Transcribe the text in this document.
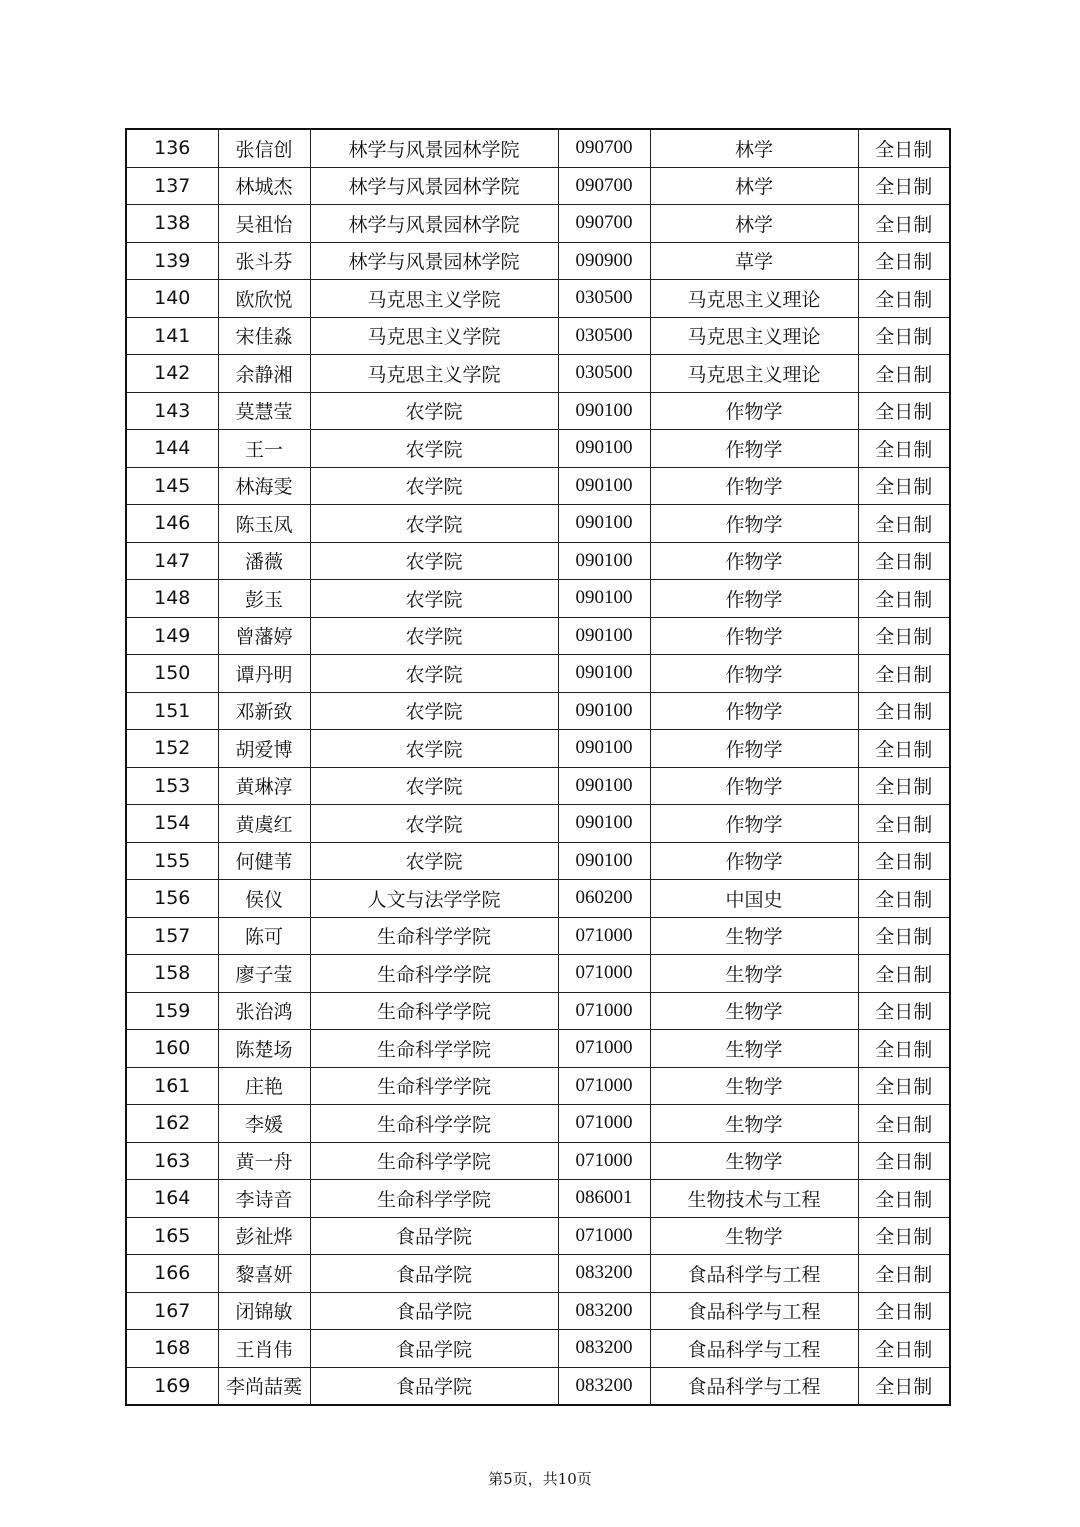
136	张信创	林学与风景园林学院	090700	林学	全日制
137	林城杰	林学与风景园林学院	090700	林学	全日制
138	吴祖怡	林学与风景园林学院	090700	林学	全日制
139	张斗芬	林学与风景园林学院	090900	草学	全日制
140	欧欣悦	马克思主义学院	030500	马克思主义理论	全日制
141	宋佳淼	马克思主义学院	030500	马克思主义理论	全日制
142	余静湘	马克思主义学院	030500	马克思主义理论	全日制
143	莫慧莹	农学院	090100	作物学	全日制
144	王一	农学院	090100	作物学	全日制
145	林海雯	农学院	090100	作物学	全日制
146	陈玉凤	农学院	090100	作物学	全日制
147	潘薇	农学院	090100	作物学	全日制
148	彭玉	农学院	090100	作物学	全日制
149	曾藩婷	农学院	090100	作物学	全日制
150	谭丹明	农学院	090100	作物学	全日制
151	邓新致	农学院	090100	作物学	全日制
152	胡爱博	农学院	090100	作物学	全日制
153	黄琳淳	农学院	090100	作物学	全日制
154	黄虞红	农学院	090100	作物学	全日制
155	何健苇	农学院	090100	作物学	全日制
156	侯仪	人文与法学学院	060200	中国史	全日制
157	陈可	生命科学学院	071000	生物学	全日制
158	廖子莹	生命科学学院	071000	生物学	全日制
159	张治鸿	生命科学学院	071000	生物学	全日制
160	陈楚场	生命科学学院	071000	生物学	全日制
161	庄艳	生命科学学院	071000	生物学	全日制
162	李媛	生命科学学院	071000	生物学	全日制
163	黄一舟	生命科学学院	071000	生物学	全日制
164	李诗音	生命科学学院	086001	生物技术与工程	全日制
165	彭祉烨	食品学院	071000	生物学	全日制
166	黎喜妍	食品学院	083200	食品科学与工程	全日制
167	闭锦敏	食品学院	083200	食品科学与工程	全日制
168	王肖伟	食品学院	083200	食品科学与工程	全日制
169	李尚喆霙	食品学院	083200	食品科学与工程	全日制
第5页，共10页
